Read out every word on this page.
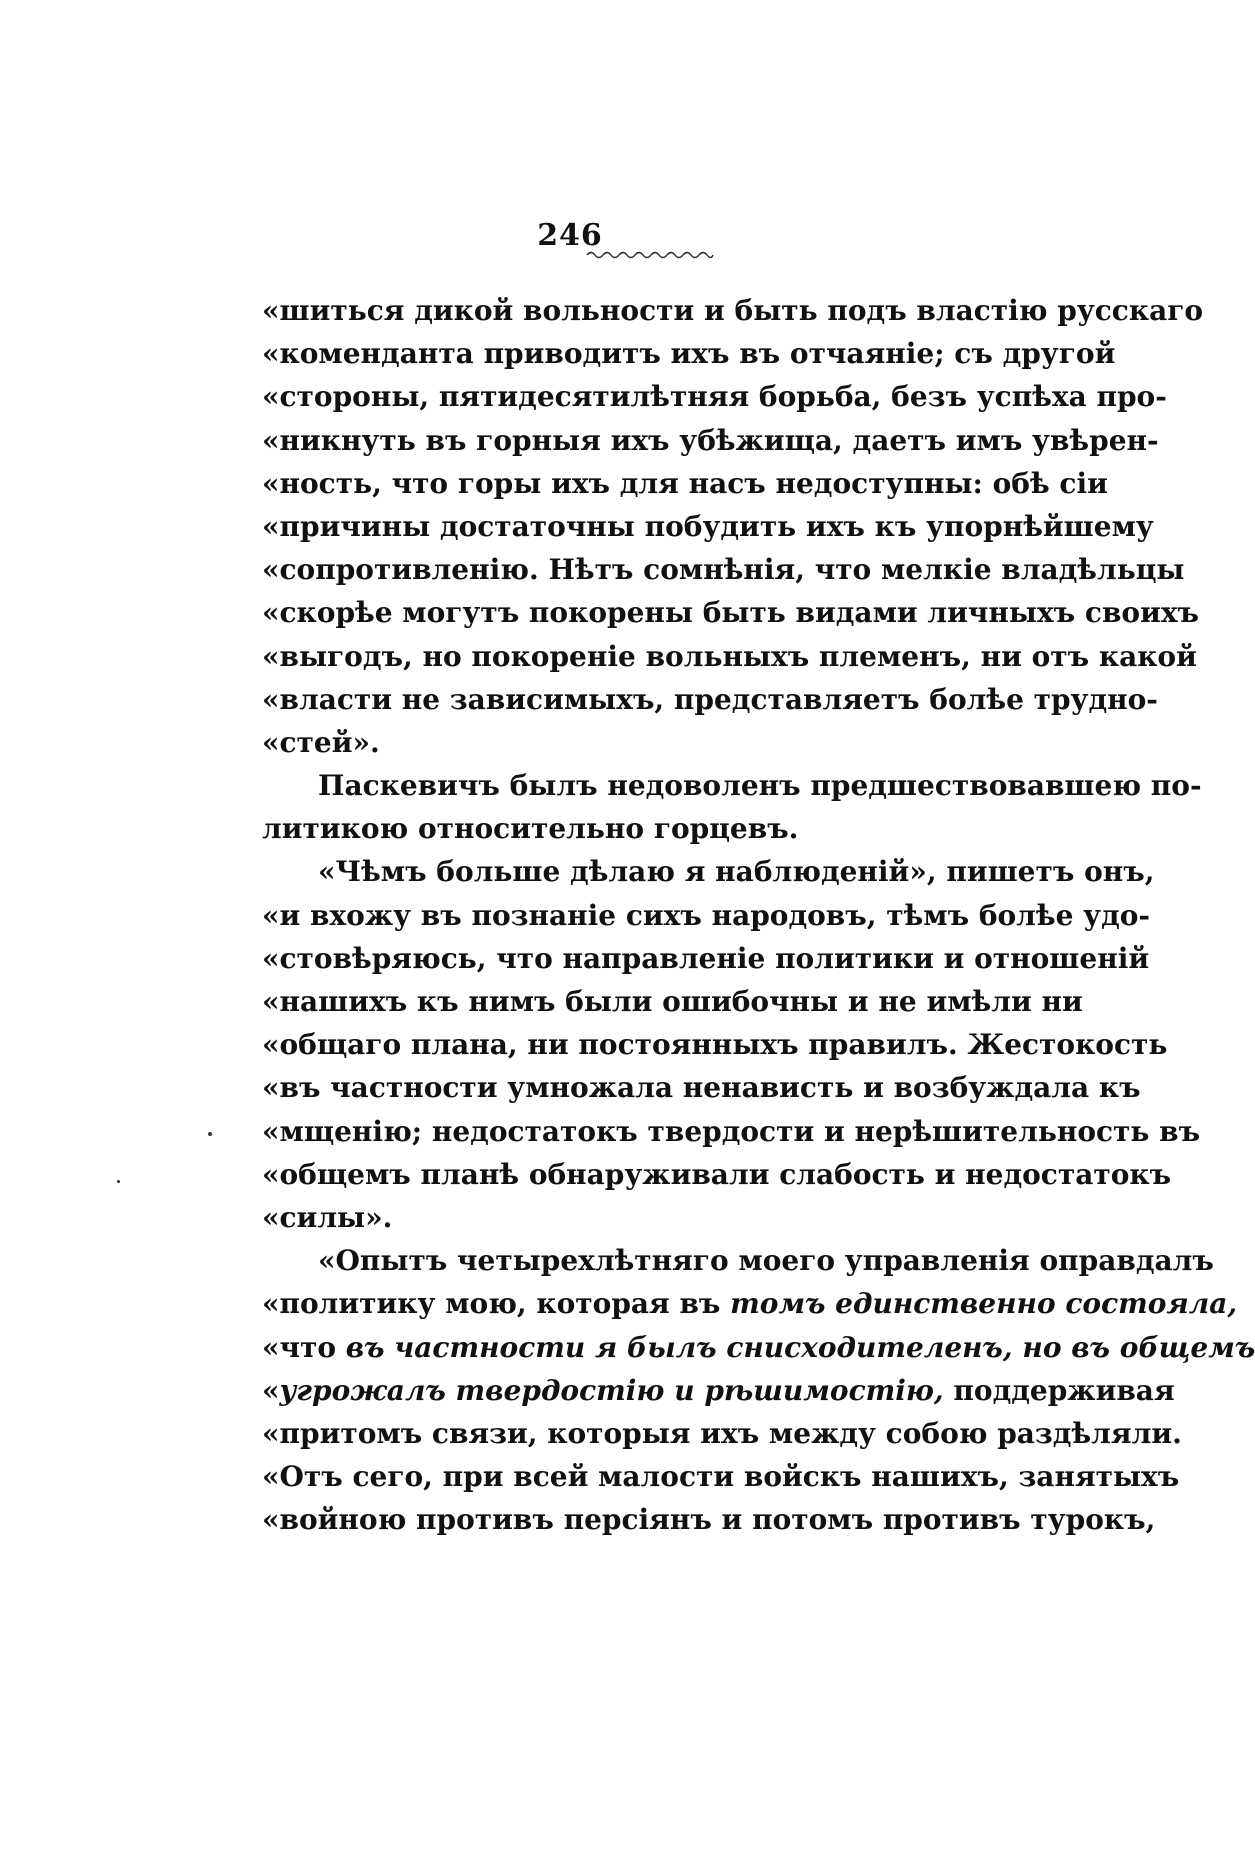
246
«шиться дикой вольности и быть подъ властію русскаго
«коменданта приводитъ ихъ въ отчаяніе; съ другой
«стороны, пятидесятилѣтняя борьба, безъ успѣха про-
«никнуть въ горныя ихъ убѣжища, даетъ имъ увѣрен-
«ность, что горы ихъ для насъ недоступны: обѣ сіи
«причины достаточны побудить ихъ къ упорнѣйшему
«сопротивленію. Нѣтъ сомнѣнія, что мелкіе владѣльцы
«скорѣе могутъ покорены быть видами личныхъ своихъ
«выгодъ, но покореніе вольныхъ племенъ, ни отъ какой
«власти не зависимыхъ, представляетъ болѣе трудно-
«стей».
Паскевичъ былъ недоволенъ предшествовавшею по-
литикою относительно горцевъ.
«Чѣмъ больше дѣлаю я наблюденій», пишетъ онъ,
«и вхожу въ познаніе сихъ народовъ, тѣмъ болѣе удо-
«стовѣряюсь, что направленіе политики и отношеній
«нашихъ къ нимъ были ошибочны и не имѣли ни
«общаго плана, ни постоянныхъ правилъ. Жестокость
«въ частности умножала ненависть и возбуждала къ
«мщенію; недостатокъ твердости и нерѣшительность въ
«общемъ планѣ обнаруживали слабость и недостатокъ
«силы».
«Опытъ четырехлѣтняго моего управленія оправдалъ
«политику мою, которая въ томъ единственно состояла,
«что въ частности я былъ снисходителенъ, но въ общемъ
«угрожалъ твердостію и рѣшимостію, поддерживая
«притомъ связи, которыя ихъ между собою раздѣляли.
«Отъ сего, при всей малости войскъ нашихъ, занятыхъ
«войною противъ персіянъ и потомъ противъ турокъ,
